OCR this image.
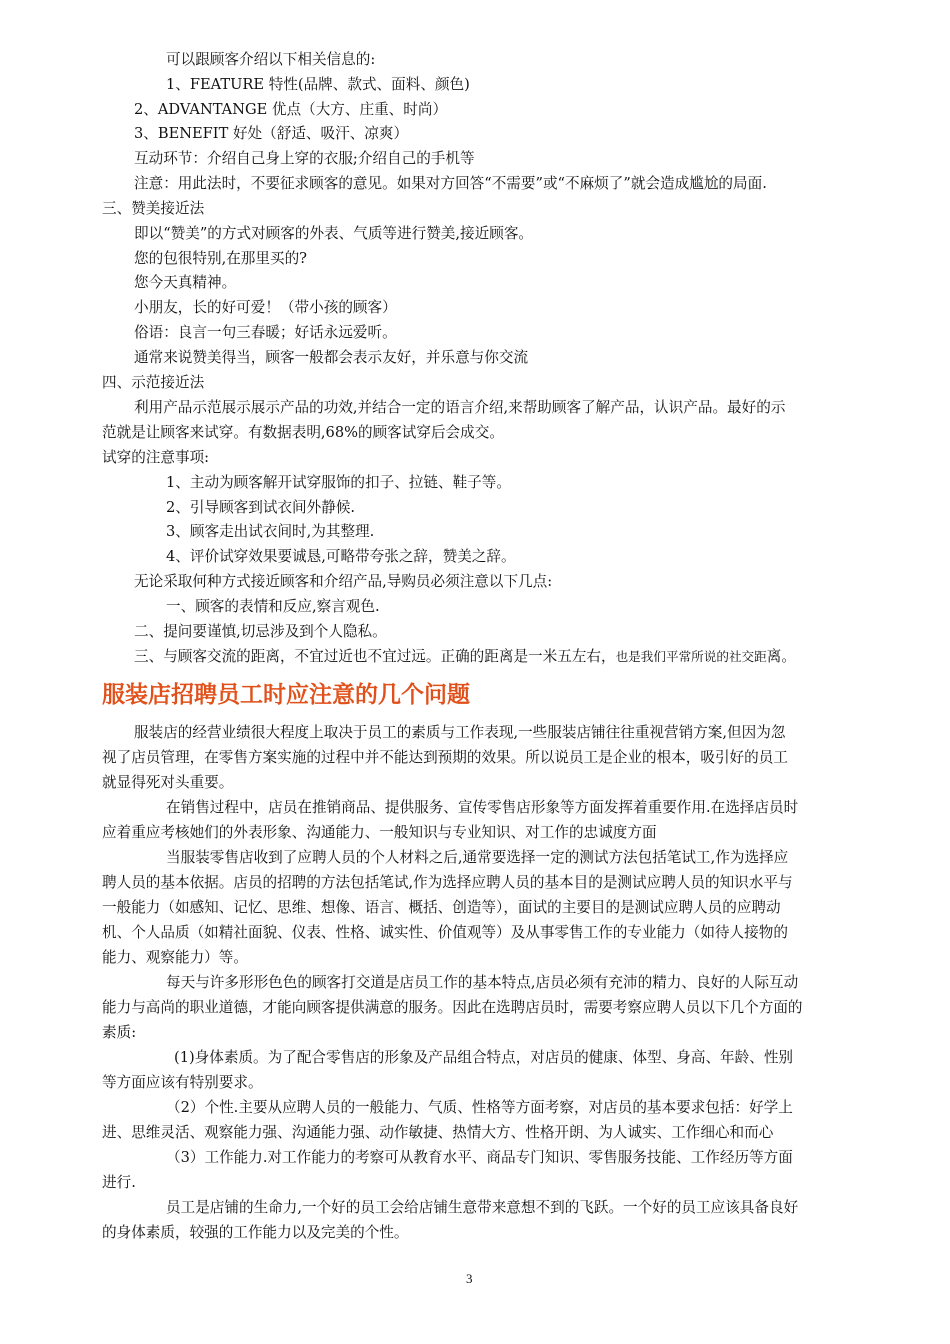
可以跟顾客介绍以下相关信息的:
1、FEATURE 特性(品牌、款式、面料、颜色)
2、ADVANTANGE 优点（大方、庄重、时尚）
3、BENEFIT 好处（舒适、吸汗、凉爽）
互动环节：介绍自己身上穿的衣服;介绍自己的手机等
注意：用此法时，不要征求顾客的意见。如果对方回答“不需要”或“不麻烦了”就会造成尴尬的局面.
三、赞美接近法
即以“赞美”的方式对顾客的外表、气质等进行赞美,接近顾客。
您的包很特别,在那里买的?
您今天真精神。
小朋友，长的好可爱！（带小孩的顾客）
俗语：良言一句三春暖；好话永远爱听。
通常来说赞美得当，顾客一般都会表示友好，并乐意与你交流
四、示范接近法
利用产品示范展示展示产品的功效,并结合一定的语言介绍,来帮助顾客了解产品，认识产品。最好的示
范就是让顾客来试穿。有数据表明,68%的顾客试穿后会成交。
试穿的注意事项:
1、主动为顾客解开试穿服饰的扣子、拉链、鞋子等。
2、引导顾客到试衣间外静候.
3、顾客走出试衣间时,为其整理.
4、评价试穿效果要诚恳,可略带夸张之辞，赞美之辞。
无论采取何种方式接近顾客和介绍产品,导购员必须注意以下几点:
一、顾客的表情和反应,察言观色.
二、提问要谨慎,切忌涉及到个人隐私。
三、与顾客交流的距离，不宜过近也不宜过远。正确的距离是一米五左右，也是我们平常所说的社交距离。
服装店招聘员工时应注意的几个问题
服装店的经营业绩很大程度上取决于员工的素质与工作表现,一些服装店铺往往重视营销方案,但因为忽
视了店员管理，在零售方案实施的过程中并不能达到预期的效果。所以说员工是企业的根本，吸引好的员工
就显得死对头重要。
在销售过程中，店员在推销商品、提供服务、宣传零售店形象等方面发挥着重要作用.在选择店员时
应着重应考核她们的外表形象、沟通能力、一般知识与专业知识、对工作的忠诚度方面
当服装零售店收到了应聘人员的个人材料之后,通常要选择一定的测试方法包括笔试工,作为选择应
聘人员的基本依据。店员的招聘的方法包括笔试,作为选择应聘人员的基本目的是测试应聘人员的知识水平与
一般能力（如感知、记忆、思维、想像、语言、概括、创造等），面试的主要目的是测试应聘人员的应聘动
机、个人品质（如精社面貌、仪表、性格、诚实性、价值观等）及从事零售工作的专业能力（如待人接物的
能力、观察能力）等。
每天与许多形形色色的顾客打交道是店员工作的基本特点,店员必须有充沛的精力、良好的人际互动
能力与高尚的职业道德，才能向顾客提供满意的服务。因此在选聘店员时，需要考察应聘人员以下几个方面的
素质:
(1)身体素质。为了配合零售店的形象及产品组合特点，对店员的健康、体型、身高、年龄、性别
等方面应该有特别要求。
（2）个性.主要从应聘人员的一般能力、气质、性格等方面考察，对店员的基本要求包括：好学上
进、思维灵活、观察能力强、沟通能力强、动作敏捷、热情大方、性格开朗、为人诚实、工作细心和而心
（3）工作能力.对工作能力的考察可从教育水平、商品专门知识、零售服务技能、工作经历等方面
进行.
员工是店铺的生命力,一个好的员工会给店铺生意带来意想不到的飞跃。一个好的员工应该具备良好
的身体素质，较强的工作能力以及完美的个性。
3
